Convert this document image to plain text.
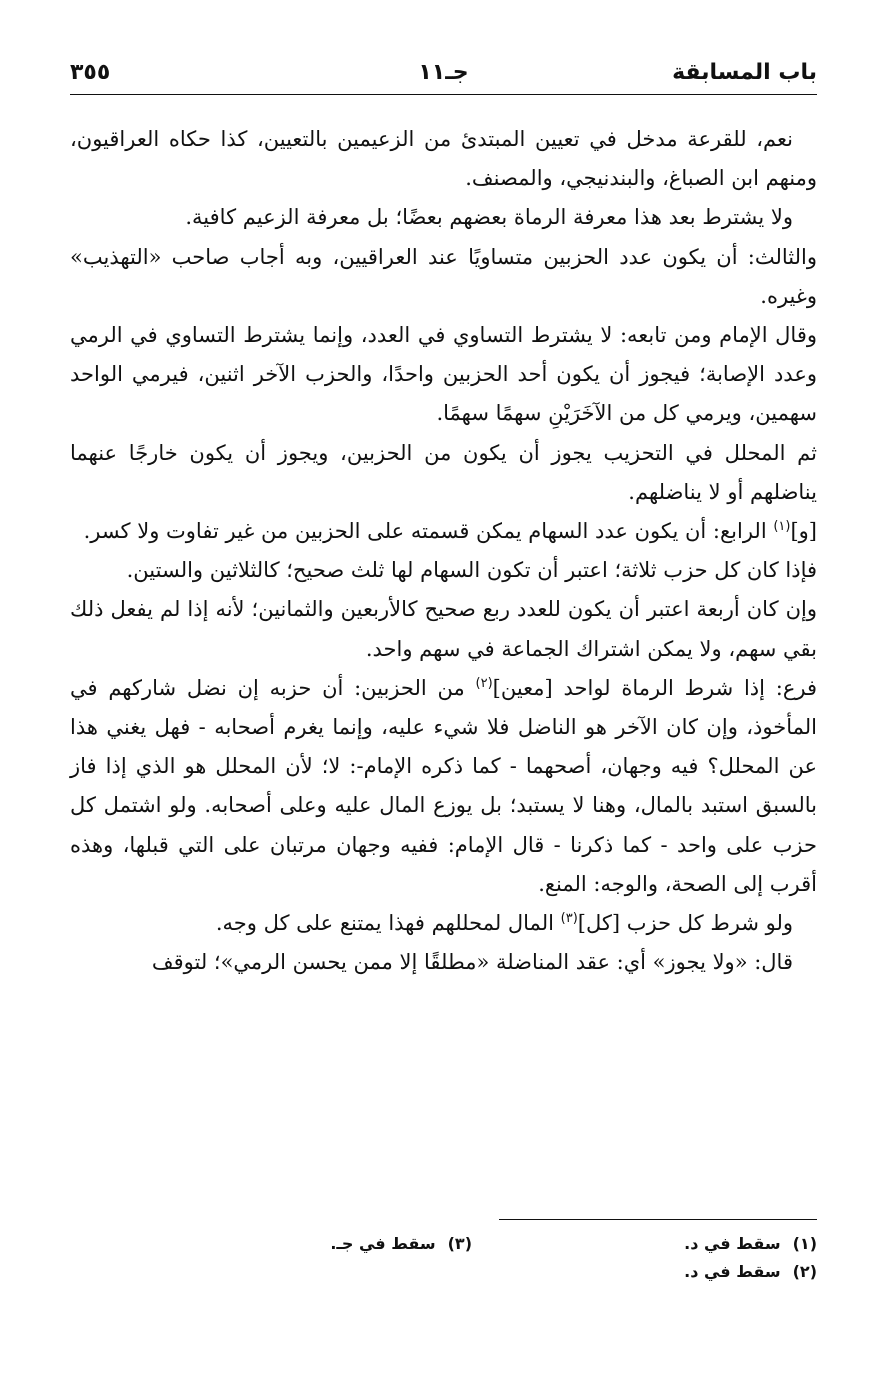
باب المسابقة
جـ١١
٣٥٥

نعم، للقرعة مدخل في تعيين المبتدئ من الزعيمين بالتعيين، كذا حكاه العراقيون، ومنهم ابن الصباغ، والبندنيجي، والمصنف.

ولا يشترط بعد هذا معرفة الرماة بعضهم بعضًا؛ بل معرفة الزعيم كافية.

والثالث: أن يكون عدد الحزبين متساويًا عند العراقيين، وبه أجاب صاحب «التهذيب» وغيره.

وقال الإمام ومن تابعه: لا يشترط التساوي في العدد، وإنما يشترط التساوي في الرمي وعدد الإصابة؛ فيجوز أن يكون أحد الحزبين واحدًا، والحزب الآخر اثنين، فيرمي الواحد سهمين، ويرمي كل من الآخَرَيْنِ سهمًا سهمًا.

ثم المحلل في التحزيب يجوز أن يكون من الحزبين، ويجوز أن يكون خارجًا عنهما يناضلهم أو لا يناضلهم.

[و]$^{(١)}$ الرابع: أن يكون عدد السهام يمكن قسمته على الحزبين من غير تفاوت ولا كسر.

فإذا كان كل حزب ثلاثة؛ اعتبر أن تكون السهام لها ثلث صحيح؛ كالثلاثين والستين.

وإن كان أربعة اعتبر أن يكون للعدد ربع صحيح كالأربعين والثمانين؛ لأنه إذا لم يفعل ذلك بقي سهم، ولا يمكن اشتراك الجماعة في سهم واحد.

فرع: إذا شرط الرماة لواحد [معين]$^{(٢)}$ من الحزبين: أن حزبه إن نضل شاركهم في المأخوذ، وإن كان الآخر هو الناضل فلا شيء عليه، وإنما يغرم أصحابه - فهل يغني هذا عن المحلل؟ فيه وجهان، أصحهما - كما ذكره الإمام-: لا؛ لأن المحلل هو الذي إذا فاز بالسبق استبد بالمال، وهنا لا يستبد؛ بل يوزع المال عليه وعلى أصحابه. ولو اشتمل كل حزب على واحد - كما ذكرنا - قال الإمام: ففيه وجهان مرتبان على التي قبلها، وهذه أقرب إلى الصحة، والوجه: المنع.

ولو شرط كل حزب [كل]$^{(٣)}$ المال لمحللهم فهذا يمتنع على كل وجه.

قال: «ولا يجوز» أي: عقد المناضلة «مطلقًا إلا ممن يحسن الرمي»؛ لتوقف

(١)سقط في د.
(٣)سقط في جـ.
(٢)سقط في د.
